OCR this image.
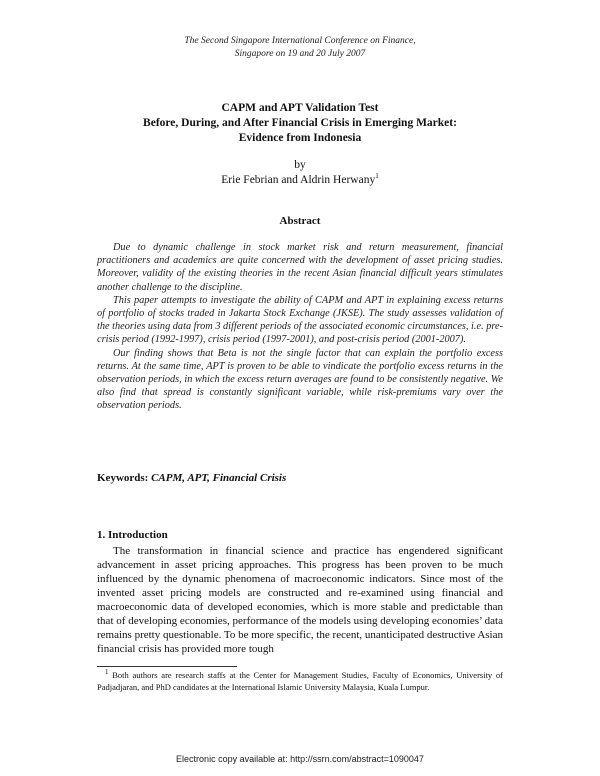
The Second Singapore International Conference on Finance,
Singapore on 19 and 20 July 2007
CAPM and APT Validation Test
Before, During, and After Financial Crisis in Emerging Market:
Evidence from Indonesia
by
Erie Febrian and Aldrin Herwany$^1$
Abstract

Due to dynamic challenge in stock market risk and return measurement, financial practitioners and academics are quite concerned with the development of asset pricing studies. Moreover, validity of the existing theories in the recent Asian financial difficult years stimulates another challenge to the discipline.

This paper attempts to investigate the ability of CAPM and APT in explaining excess returns of portfolio of stocks traded in Jakarta Stock Exchange (JKSE). The study assesses validation of the theories using data from 3 different periods of the associated economic circumstances, i.e. pre-crisis period (1992-1997), crisis period (1997-2001), and post-crisis period (2001-2007).

Our finding shows that Beta is not the single factor that can explain the portfolio excess returns. At the same time, APT is proven to be able to vindicate the portfolio excess returns in the observation periods, in which the excess return averages are found to be consistently negative. We also find that spread is constantly significant variable, while risk-premiums vary over the observation periods.

Keywords: CAPM, APT, Financial Crisis
1. Introduction

The transformation in financial science and practice has engendered significant advancement in asset pricing approaches. This progress has been proven to be much influenced by the dynamic phenomena of macroeconomic indicators. Since most of the invented asset pricing models are constructed and re-examined using financial and macroeconomic data of developed economies, which is more stable and predictable than that of developing economies, performance of the models using developing economies’ data remains pretty questionable. To be more specific, the recent, unanticipated destructive Asian financial crisis has provided more tough

$^1$ Both authors are research staffs at the Center for Management Studies, Faculty of Economics, University of Padjadjaran, and PhD candidates at the International Islamic University Malaysia, Kuala Lumpur.

Electronic copy available at: http://ssrn.com/abstract=1090047
